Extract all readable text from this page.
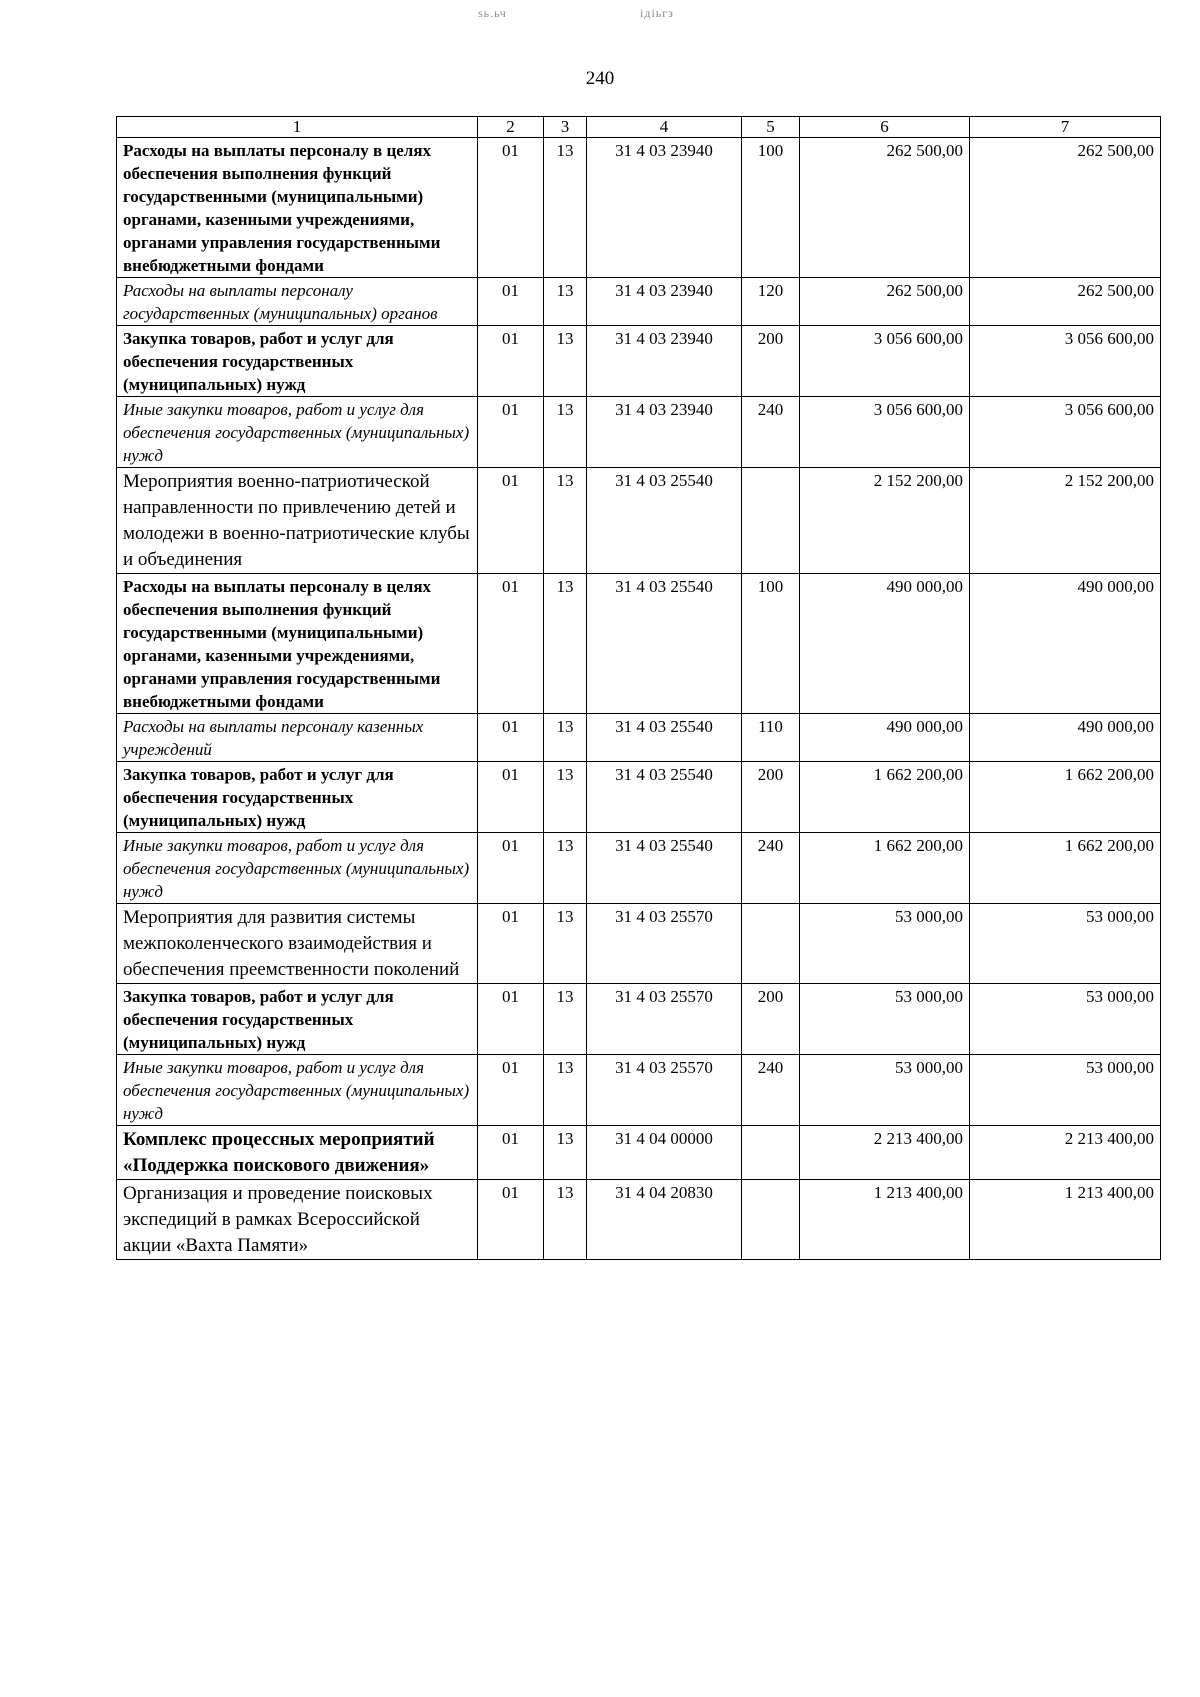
ѕь.ьч	ідіьгз
240
1	2	3	4	5	6	7
Расходы на выплаты персоналу в целях обеспечения выполнения функций государственными (муниципальными) органами, казенными учреждениями, органами управления государственными внебюджетными фондами	01	13	31 4 03 23940	100	262 500,00	262 500,00
Расходы на выплаты персоналу государственных (муниципальных) органов	01	13	31 4 03 23940	120	262 500,00	262 500,00
Закупка товаров, работ и услуг для обеспечения государственных (муниципальных) нужд	01	13	31 4 03 23940	200	3 056 600,00	3 056 600,00
Иные закупки товаров, работ и услуг для обеспечения государственных (муниципальных) нужд	01	13	31 4 03 23940	240	3 056 600,00	3 056 600,00
Мероприятия военно-патриотической направленности по привлечению детей и молодежи в военно-патриотические клубы и объединения	01	13	31 4 03 25540		2 152 200,00	2 152 200,00
Расходы на выплаты персоналу в целях обеспечения выполнения функций государственными (муниципальными) органами, казенными учреждениями, органами управления государственными внебюджетными фондами	01	13	31 4 03 25540	100	490 000,00	490 000,00
Расходы на выплаты персоналу казенных учреждений	01	13	31 4 03 25540	110	490 000,00	490 000,00
Закупка товаров, работ и услуг для обеспечения государственных (муниципальных) нужд	01	13	31 4 03 25540	200	1 662 200,00	1 662 200,00
Иные закупки товаров, работ и услуг для обеспечения государственных (муниципальных) нужд	01	13	31 4 03 25540	240	1 662 200,00	1 662 200,00
Мероприятия для развития системы межпоколенческого взаимодействия и обеспечения преемственности поколений	01	13	31 4 03 25570		53 000,00	53 000,00
Закупка товаров, работ и услуг для обеспечения государственных (муниципальных) нужд	01	13	31 4 03 25570	200	53 000,00	53 000,00
Иные закупки товаров, работ и услуг для обеспечения государственных (муниципальных) нужд	01	13	31 4 03 25570	240	53 000,00	53 000,00
Комплекс процессных мероприятий «Поддержка поискового движения»	01	13	31 4 04 00000		2 213 400,00	2 213 400,00
Организация и проведение поисковых экспедиций в рамках Всероссийской акции «Вахта Памяти»	01	13	31 4 04 20830		1 213 400,00	1 213 400,00
